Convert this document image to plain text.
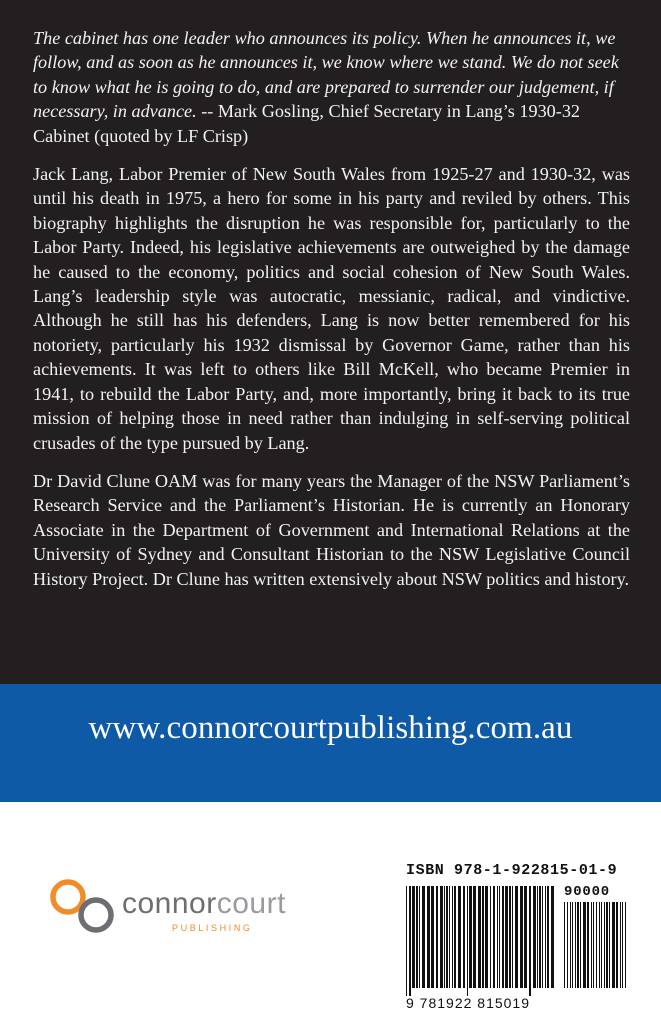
The cabinet has one leader who announces its policy. When he announces it, we follow, and as soon as he announces it, we know where we stand. We do not seek to know what he is going to do, and are prepared to surrender our judgement, if necessary, in advance. -- Mark Gosling, Chief Secretary in Lang’s 1930-32 Cabinet (quoted by LF Crisp)

Jack Lang, Labor Premier of New South Wales from 1925-27 and 1930-32, was until his death in 1975, a hero for some in his party and reviled by others. This biography highlights the disruption he was responsible for, particularly to the Labor Party. Indeed, his legislative achievements are outweighed by the damage he caused to the economy, politics and social cohesion of New South Wales. Lang’s leadership style was autocratic, messianic, radical, and vindictive. Although he still has his defenders, Lang is now better remembered for his notoriety, particularly his 1932 dismissal by Governor Game, rather than his achievements. It was left to others like Bill McKell, who became Premier in 1941, to rebuild the Labor Party, and, more importantly, bring it back to its true mission of helping those in need rather than indulging in self-serving political crusades of the type pursued by Lang.

Dr David Clune OAM was for many years the Manager of the NSW Parliament’s Research Service and the Parliament’s Historian. He is currently an Honorary Associate in the Department of Government and International Relations at the University of Sydney and Consultant Historian to the NSW Legislative Council History Project. Dr Clune has written extensively about NSW politics and history.

www.connorcourtpublishing.com.au
connorcourt
PUBLISHING
ISBN 978-1-922815-01-9
90000
9 781922 815019
